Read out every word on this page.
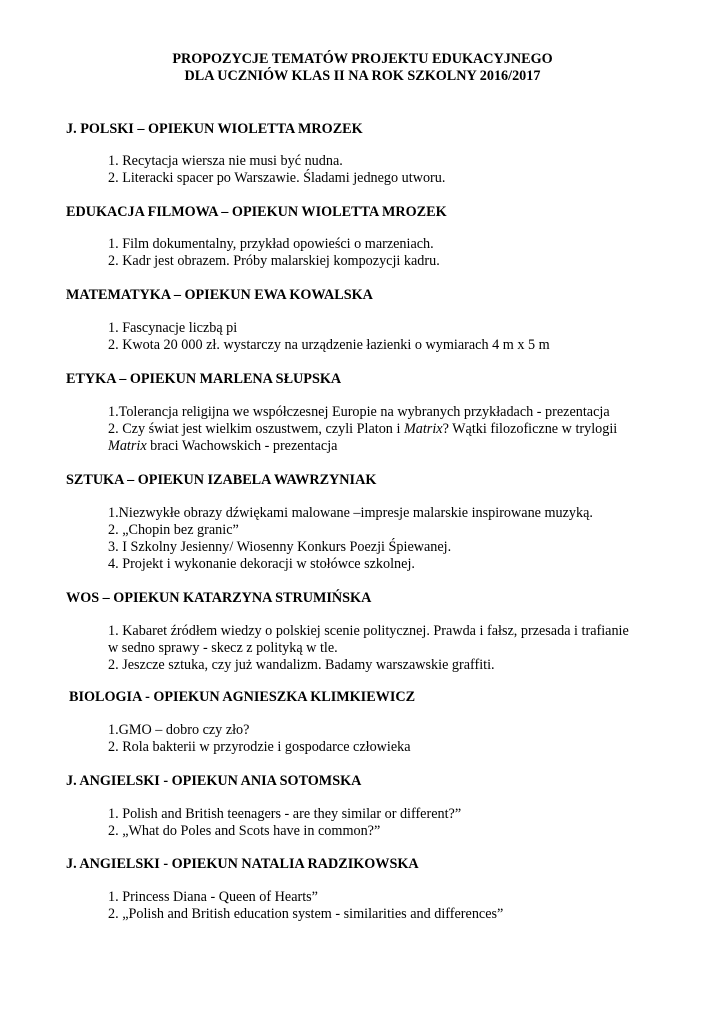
PROPOZYCJE TEMATÓW PROJEKTU EDUKACYJNEGO
DLA UCZNIÓW KLAS II NA ROK SZKOLNY 2016/2017
J. POLSKI – OPIEKUN WIOLETTA MROZEK
1. Recytacja wiersza nie musi być nudna.
2. Literacki spacer po Warszawie. Śladami jednego utworu.
EDUKACJA FILMOWA – OPIEKUN WIOLETTA MROZEK
1. Film dokumentalny, przykład opowieści o marzeniach.
2. Kadr jest obrazem. Próby malarskiej kompozycji kadru.
MATEMATYKA – OPIEKUN EWA KOWALSKA
1. Fascynacje liczbą pi
2. Kwota 20 000 zł. wystarczy na urządzenie łazienki o wymiarach 4 m x 5 m
ETYKA – OPIEKUN MARLENA SŁUPSKA
1.Tolerancja religijna we współczesnej Europie na wybranych przykładach - prezentacja
2. Czy świat jest wielkim oszustwem, czyli Platon i Matrix? Wątki filozoficzne w trylogii
Matrix braci Wachowskich - prezentacja
SZTUKA – OPIEKUN IZABELA WAWRZYNIAK
1.Niezwykłe obrazy dźwiękami malowane –impresje malarskie inspirowane muzyką.
2. „Chopin bez granic”
3. I Szkolny Jesienny/ Wiosenny Konkurs Poezji Śpiewanej.
4. Projekt i wykonanie dekoracji w stołówce szkolnej.
WOS – OPIEKUN KATARZYNA STRUMIŃSKA
1. Kabaret źródłem wiedzy o polskiej scenie politycznej. Prawda i fałsz, przesada i trafianie
w sedno sprawy - skecz z polityką w tle.
2. Jeszcze sztuka, czy już wandalizm. Badamy warszawskie graffiti.
BIOLOGIA - OPIEKUN AGNIESZKA KLIMKIEWICZ
1.GMO – dobro czy zło?
2. Rola bakterii w przyrodzie i gospodarce człowieka
J. ANGIELSKI - OPIEKUN ANIA SOTOMSKA
1. Polish and British teenagers - are they similar or different?”
2. „What do Poles and Scots have in common?”
J. ANGIELSKI - OPIEKUN NATALIA RADZIKOWSKA
1. Princess Diana - Queen of Hearts”
2. „Polish and British education system - similarities and differences”
